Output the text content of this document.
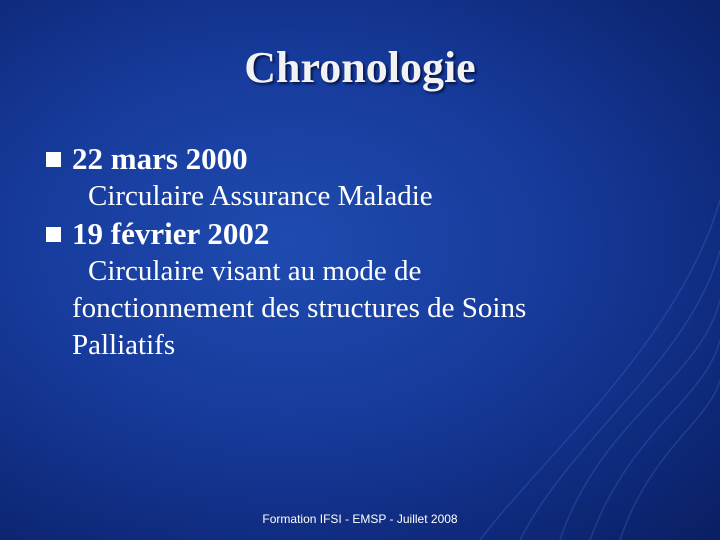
Chronologie
22 mars 2000
Circulaire Assurance Maladie
19 février 2002
Circulaire visant au mode de
fonctionnement des structures de Soins
Palliatifs
Formation IFSI - EMSP - Juillet 2008
